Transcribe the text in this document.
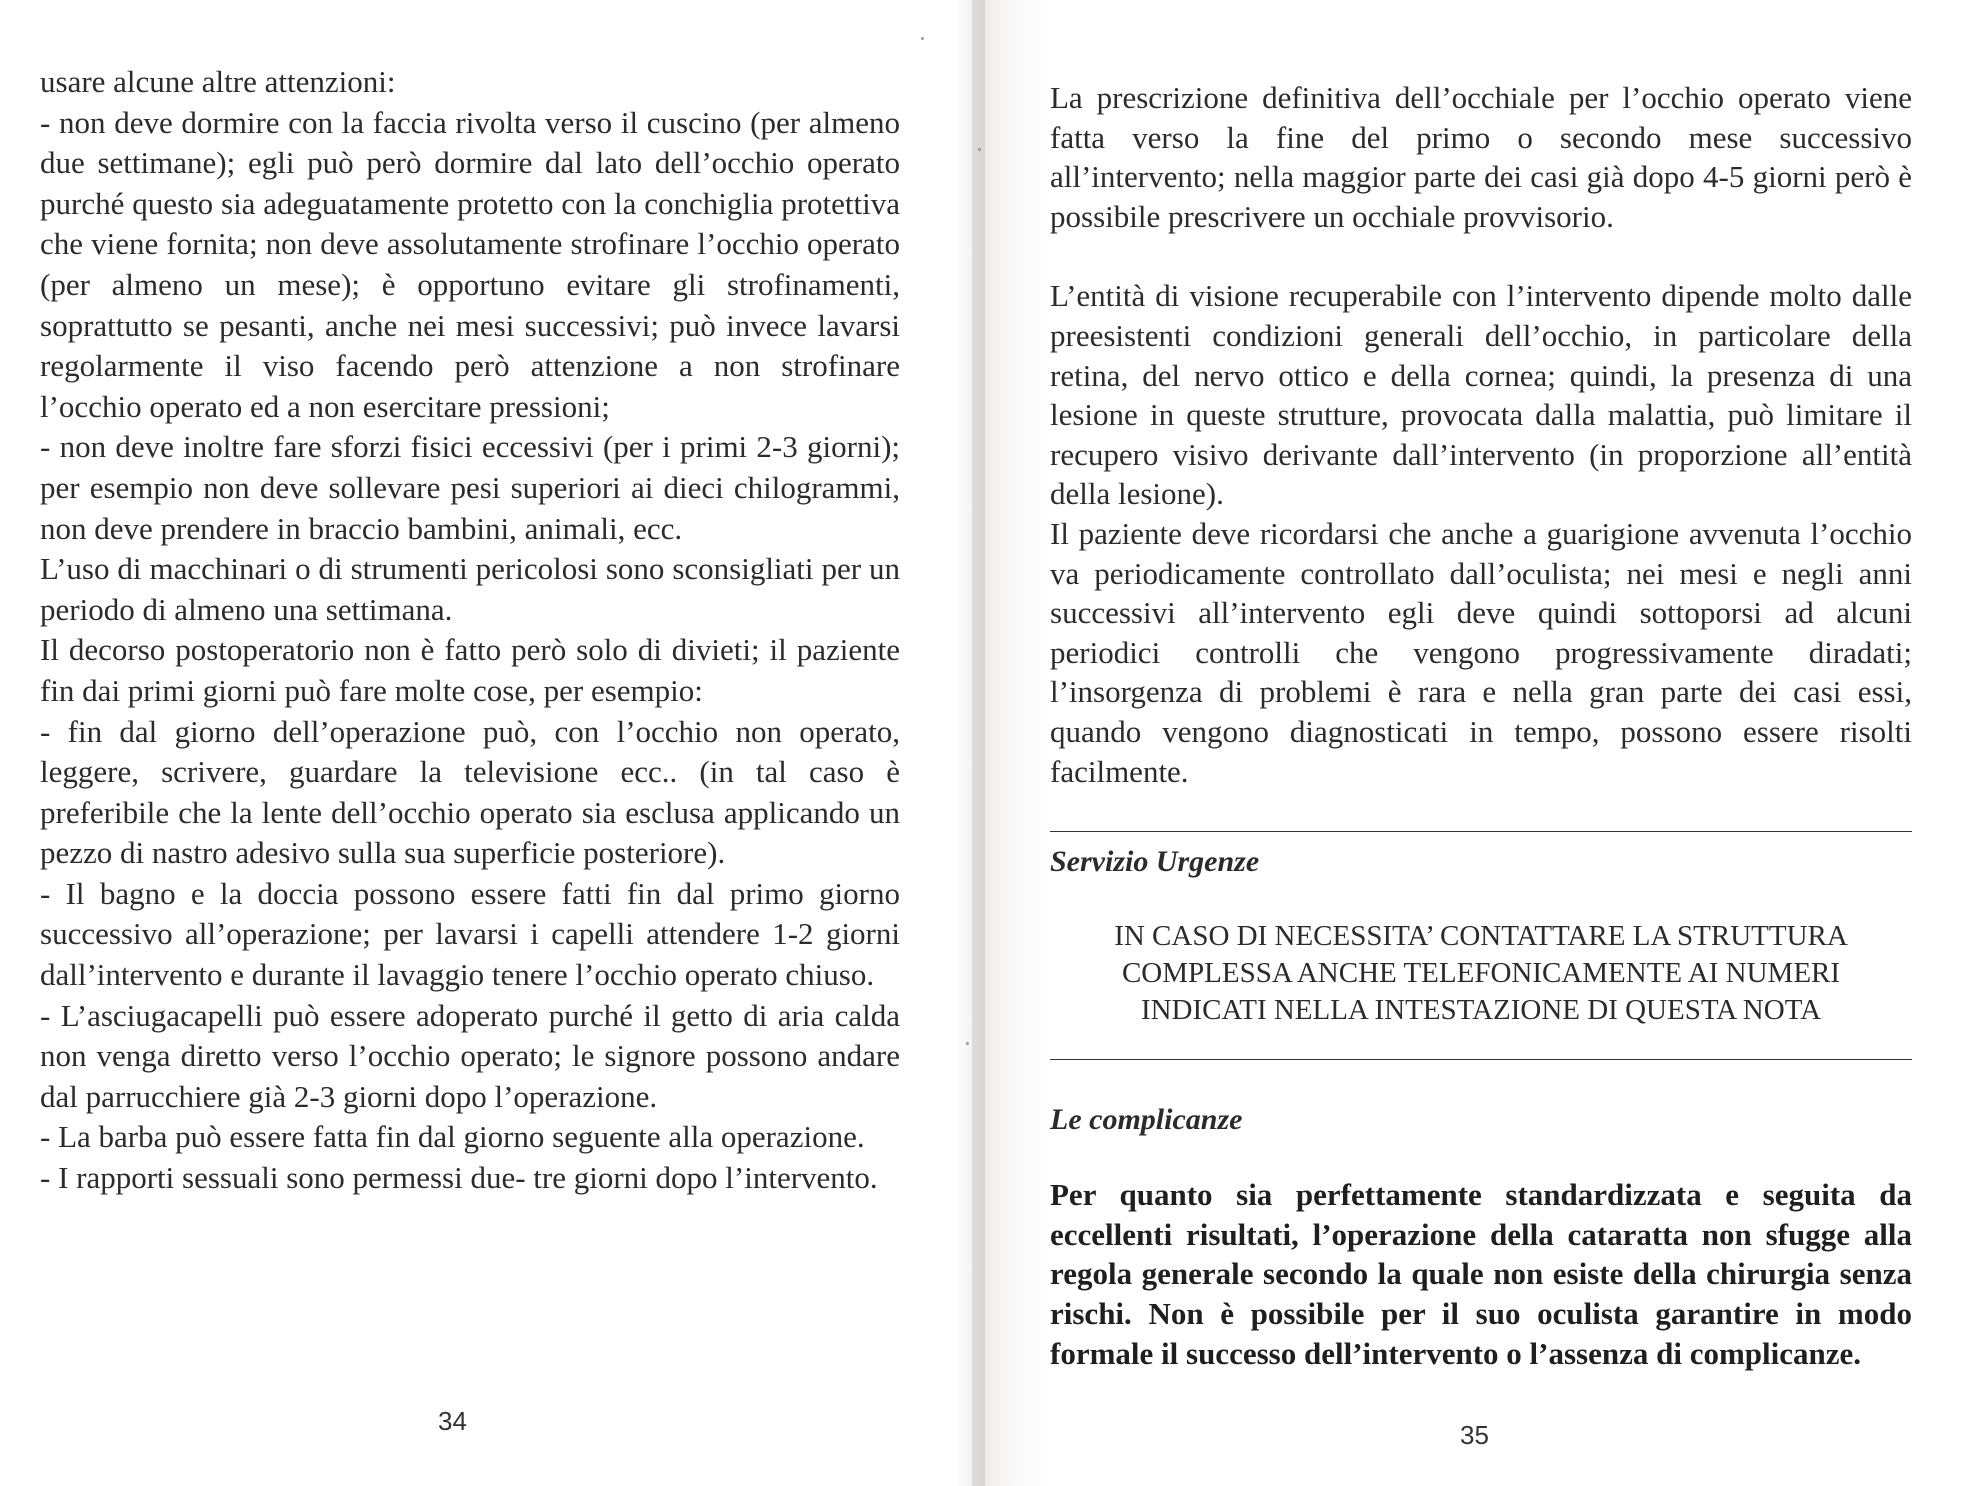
usare alcune altre attenzioni:

- non deve dormire con la faccia rivolta verso il cuscino (per almeno due settimane); egli può però dormire dal lato dell’occhio operato purché questo sia adeguatamente protetto con la conchiglia protettiva che viene fornita; non deve assolutamente strofinare l’occhio operato (per almeno un mese); è opportuno evitare gli strofinamenti, soprattutto se pesanti, anche nei mesi successivi; può invece lavarsi regolarmente il viso facendo però attenzione a non strofinare l’occhio operato ed a non esercitare pressioni;

- non deve inoltre fare sforzi fisici eccessivi (per i primi 2-3 giorni); per esempio non deve sollevare pesi superiori ai dieci chilogrammi, non deve prendere in braccio bambini, animali, ecc.

L’uso di macchinari o di strumenti pericolosi sono sconsigliati per un periodo di almeno una settimana.

Il decorso postoperatorio non è fatto però solo di divieti; il paziente fin dai primi giorni può fare molte cose, per esempio:

- fin dal giorno dell’operazione può, con l’occhio non operato, leggere, scrivere, guardare la televisione ecc.. (in tal caso è preferibile che la lente dell’occhio operato sia esclusa applicando un pezzo di nastro adesivo sulla sua superficie posteriore).

- Il bagno e la doccia possono essere fatti fin dal primo giorno successivo all’operazione; per lavarsi i capelli attendere 1-2 giorni dall’intervento e durante il lavaggio tenere l’occhio operato chiuso.

- L’asciugacapelli può essere adoperato purché il getto di aria calda non venga diretto verso l’occhio operato; le signore possono andare dal parrucchiere già 2-3 giorni dopo l’operazione.

- La barba può essere fatta fin dal giorno seguente alla operazione.

- I rapporti sessuali sono permessi due- tre giorni dopo l’intervento.

34

La prescrizione definitiva dell’occhiale per l’occhio operato viene fatta verso la fine del primo o secondo mese successivo all’intervento; nella maggior parte dei casi già dopo 4-5 giorni però è possibile prescrivere un occhiale provvisorio.

L’entità di visione recuperabile con l’intervento dipende molto dalle preesistenti condizioni generali dell’occhio, in particolare della retina, del nervo ottico e della cornea; quindi, la presenza di una lesione in queste strutture, provocata dalla malattia, può limitare il recupero visivo derivante dall’intervento (in proporzione all’entità della lesione).

Il paziente deve ricordarsi che anche a guarigione avvenuta l’occhio va periodicamente controllato dall’oculista; nei mesi e negli anni successivi all’intervento egli deve quindi sottoporsi ad alcuni periodici controlli che vengono progressivamente diradati; l’insorgenza di problemi è rara e nella gran parte dei casi essi, quando vengono diagnosticati in tempo, possono essere risolti facilmente.

Servizio Urgenze

IN CASO DI NECESSITA’ CONTATTARE LA STRUTTURA
COMPLESSA ANCHE TELEFONICAMENTE AI NUMERI
INDICATI NELLA INTESTAZIONE DI QUESTA NOTA

Le complicanze

Per quanto sia perfettamente standardizzata e seguita da eccellenti risultati, l’operazione della cataratta non sfugge alla regola generale secondo la quale non esiste della chirurgia senza rischi. Non è possibile per il suo oculista garantire in modo formale il successo dell’intervento o l’assenza di complicanze.

35
